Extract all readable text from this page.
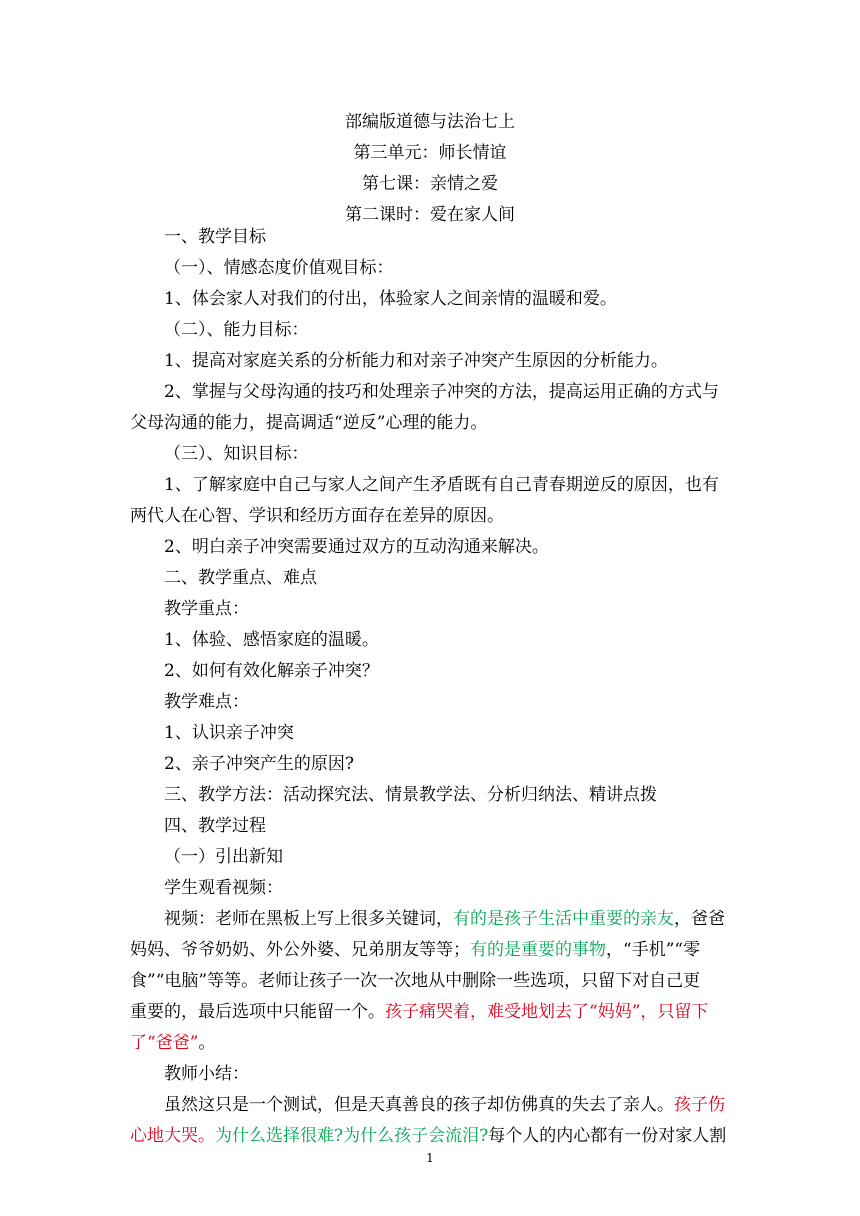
部编版道德与法治七上
第三单元：师长情谊
第七课：亲情之爱
第二课时：爱在家人间

一、教学目标

（一）、情感态度价值观目标：

1、体会家人对我们的付出，体验家人之间亲情的温暖和爱。

（二）、能力目标：

1、提高对家庭关系的分析能力和对亲子冲突产生原因的分析能力。

2、掌握与父母沟通的技巧和处理亲子冲突的方法，提高运用正确的方式与

父母沟通的能力，提高调适“逆反”心理的能力。

（三）、知识目标：

1、了解家庭中自己与家人之间产生矛盾既有自己青春期逆反的原因，也有

两代人在心智、学识和经历方面存在差异的原因。

2、明白亲子冲突需要通过双方的互动沟通来解决。

二、教学重点、难点

教学重点：

1、体验、感悟家庭的温暖。

2、如何有效化解亲子冲突？

教学难点：

1、认识亲子冲突

2、亲子冲突产生的原因?

三、教学方法：活动探究法、情景教学法、分析归纳法、精讲点拨

四、教学过程

（一）引出新知

学生观看视频：

视频：老师在黑板上写上很多关键词，有的是孩子生活中重要的亲友，爸爸

妈妈、爷爷奶奶、外公外婆、兄弟朋友等等；有的是重要的事物，“手机”“零

食”“电脑”等等。老师让孩子一次一次地从中删除一些选项，只留下对自己更

重要的，最后选项中只能留一个。孩子痛哭着，难受地划去了“妈妈”，只留下

了“爸爸”。

教师小结：

虽然这只是一个测试，但是天真善良的孩子却仿佛真的失去了亲人。孩子伤

心地大哭。为什么选择很难?为什么孩子会流泪?每个人的内心都有一份对家人割

1
